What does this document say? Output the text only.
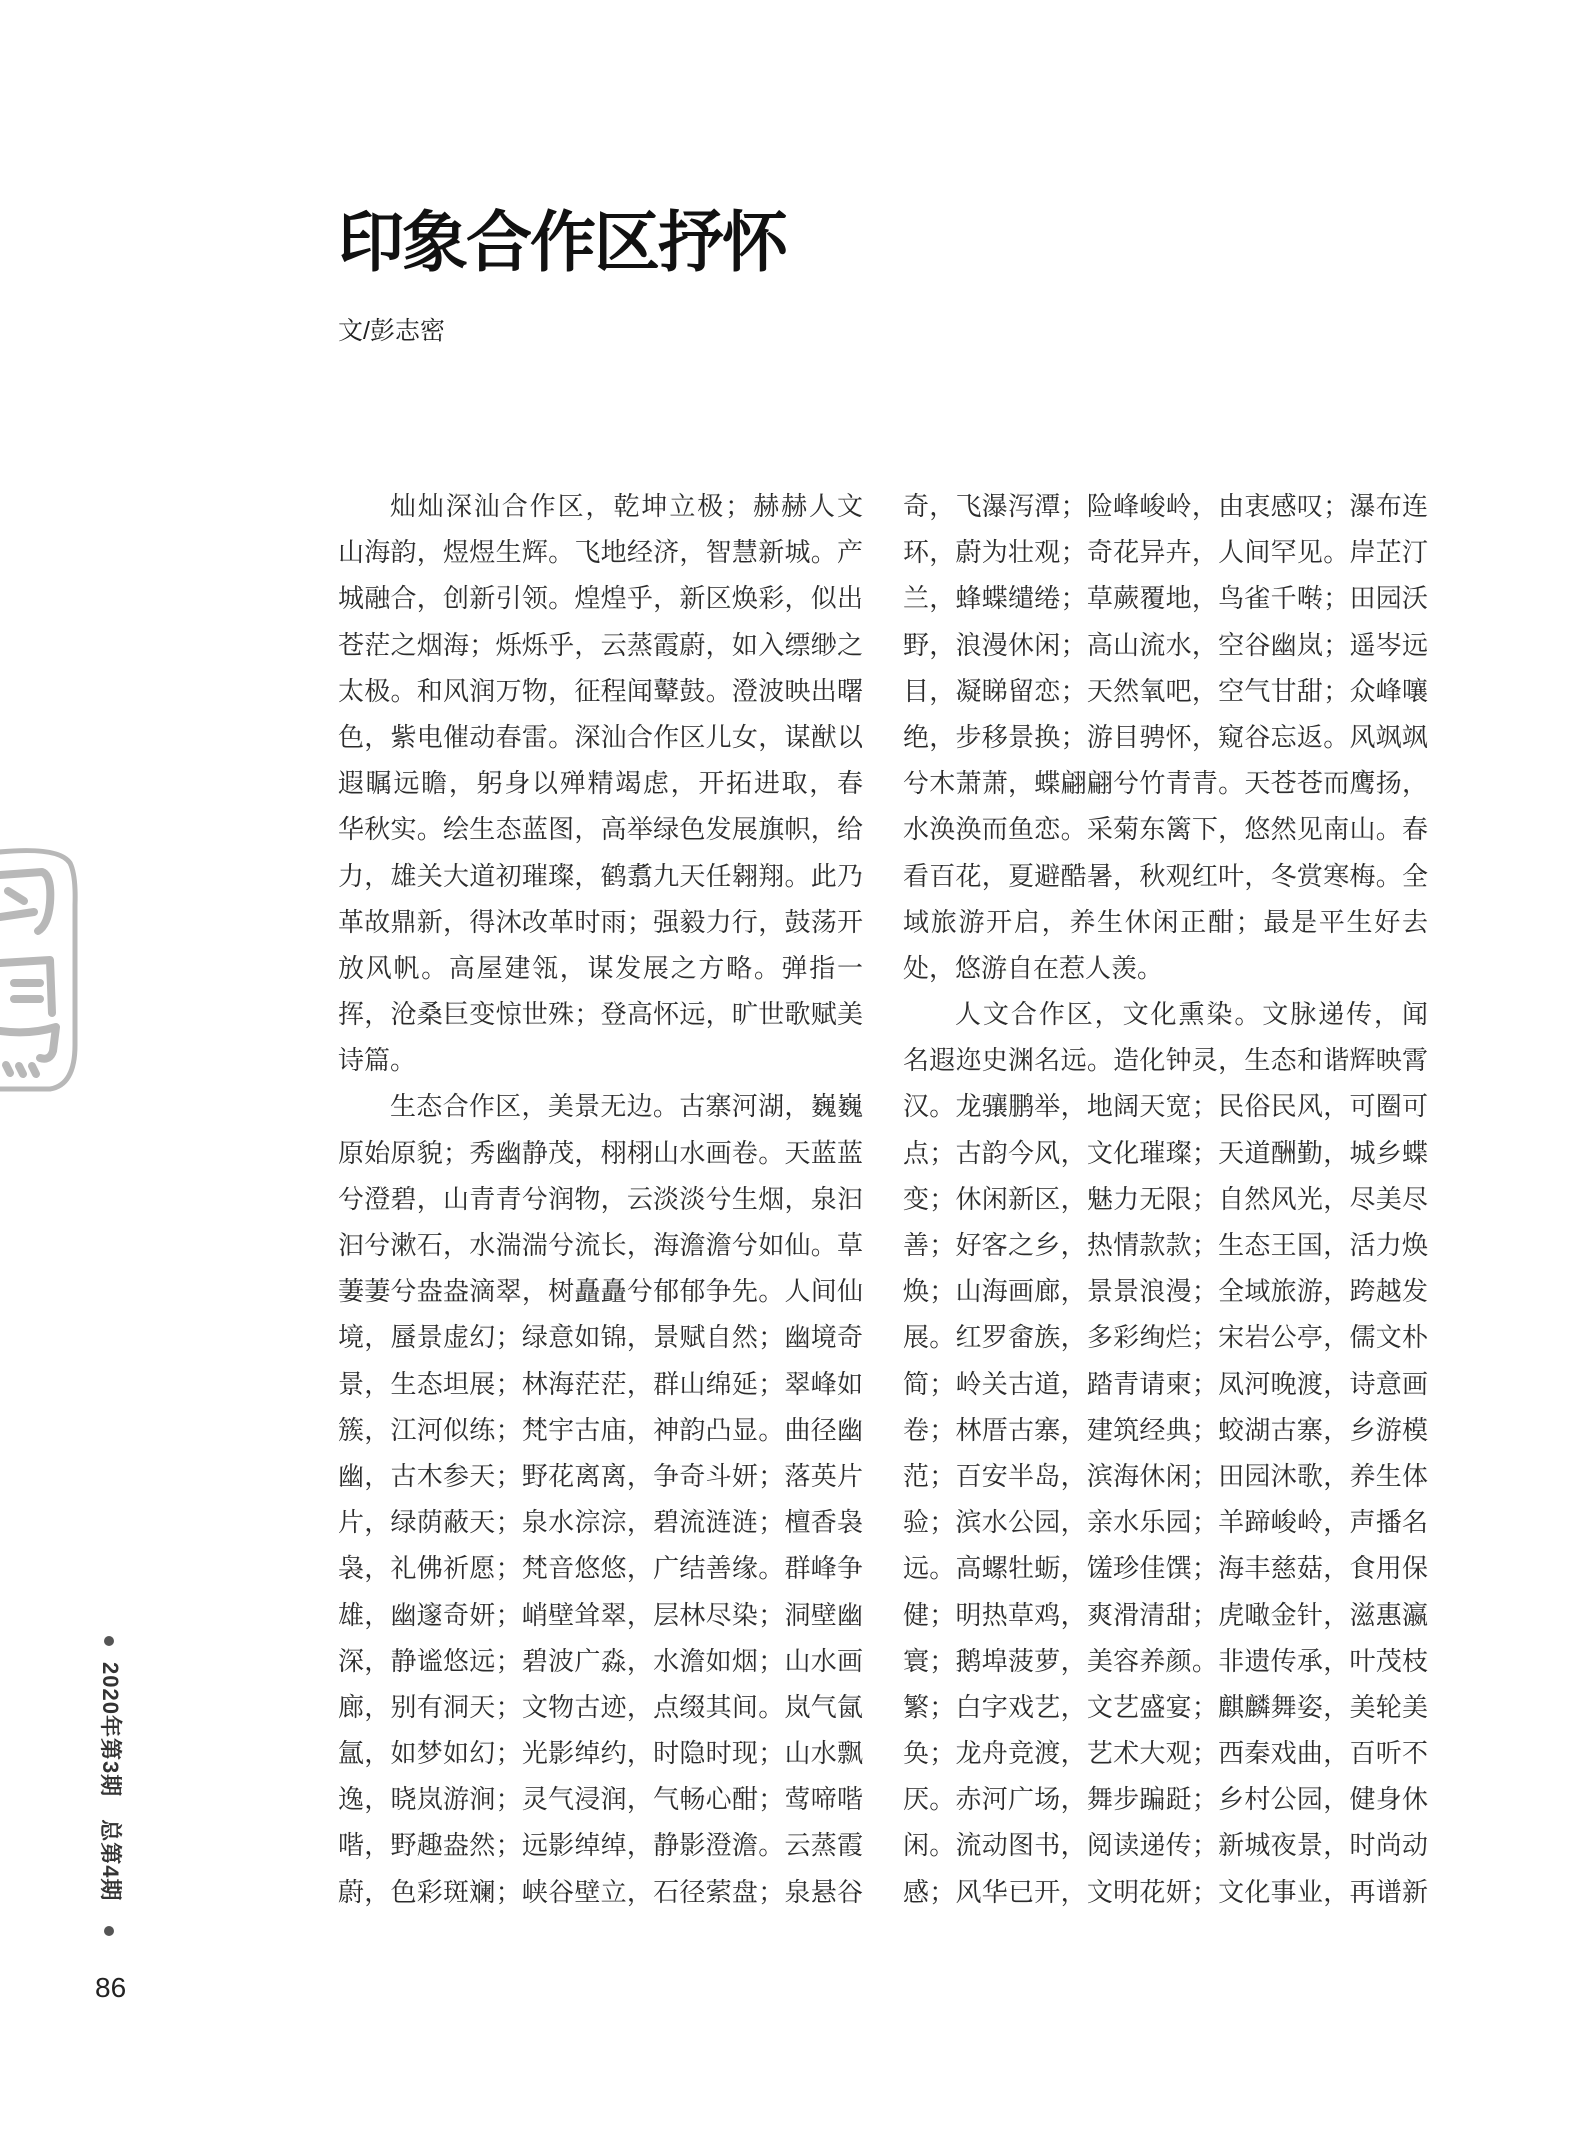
印象合作区抒怀
文/彭志密
灿灿深汕合作区，乾坤立极；赫赫人文
山海韵，煜煜生辉。飞地经济，智慧新城。产
城融合，创新引领。煌煌乎，新区焕彩，似出
苍茫之烟海；烁烁乎，云蒸霞蔚，如入缥缈之
太极。和风润万物，征程闻鼙鼓。澄波映出曙
色，紫电催动春雷。深汕合作区儿女，谋猷以
遐瞩远瞻，躬身以殚精竭虑，开拓进取，春
华秋实。绘生态蓝图，高举绿色发展旗帜，给
力，雄关大道初璀璨，鹤翥九天任翱翔。此乃
革故鼎新，得沐改革时雨；强毅力行，鼓荡开
放风帆。高屋建瓴，谋发展之方略。弹指一
挥，沧桑巨变惊世殊；登高怀远，旷世歌赋美
诗篇。
生态合作区，美景无边。古寨河湖，巍巍
原始原貌；秀幽静茂，栩栩山水画卷。天蓝蓝
兮澄碧，山青青兮润物，云淡淡兮生烟，泉汩
汩兮漱石，水湍湍兮流长，海澹澹兮如仙。草
萋萋兮盎盎滴翠，树矗矗兮郁郁争先。人间仙
境，蜃景虚幻；绿意如锦，景赋自然；幽境奇
景，生态坦展；林海茫茫，群山绵延；翠峰如
簇，江河似练；梵宇古庙，神韵凸显。曲径幽
幽，古木参天；野花离离，争奇斗妍；落英片
片，绿荫蔽天；泉水淙淙，碧流涟涟；檀香袅
袅，礼佛祈愿；梵音悠悠，广结善缘。群峰争
雄，幽邃奇妍；峭壁耸翠，层林尽染；洞壁幽
深，静谧悠远；碧波广淼，水澹如烟；山水画
廊，别有洞天；文物古迹，点缀其间。岚气氤
氲，如梦如幻；光影绰约，时隐时现；山水飘
逸，晓岚游涧；灵气浸润，气畅心酣；莺啼喈
喈，野趣盎然；远影绰绰，静影澄澹。云蒸霞
蔚，色彩斑斓；峡谷壁立，石径萦盘；泉悬谷
奇，飞瀑泻潭；险峰峻岭，由衷感叹；瀑布连
环，蔚为壮观；奇花异卉，人间罕见。岸芷汀
兰，蜂蝶缱绻；草蕨覆地，鸟雀千啭；田园沃
野，浪漫休闲；高山流水，空谷幽岚；遥岑远
目，凝睇留恋；天然氧吧，空气甘甜；众峰嚷
绝，步移景换；游目骋怀，窥谷忘返。风飒飒
兮木萧萧，蝶翩翩兮竹青青。天苍苍而鹰扬，
水涣涣而鱼恋。采菊东篱下，悠然见南山。春
看百花，夏避酷暑，秋观红叶，冬赏寒梅。全
域旅游开启，养生休闲正酣；最是平生好去
处，悠游自在惹人羡。
人文合作区，文化熏染。文脉递传，闻
名遐迩史渊名远。造化钟灵，生态和谐辉映霄
汉。龙骧鹏举，地阔天宽；民俗民风，可圈可
点；古韵今风，文化璀璨；天道酬勤，城乡蝶
变；休闲新区，魅力无限；自然风光，尽美尽
善；好客之乡，热情款款；生态王国，活力焕
焕；山海画廊，景景浪漫；全域旅游，跨越发
展。红罗畲族，多彩绚烂；宋岩公亭，儒文朴
简；岭关古道，踏青请柬；凤河晚渡，诗意画
卷；林厝古寨，建筑经典；蛟湖古寨，乡游模
范；百安半岛，滨海休闲；田园沐歌，养生体
验；滨水公园，亲水乐园；羊蹄峻岭，声播名
远。高螺牡蛎，馐珍佳馔；海丰慈菇，食用保
健；明热草鸡，爽滑清甜；虎噉金针，滋惠瀛
寰；鹅埠菠萝，美容养颜。非遗传承，叶茂枝
繁；白字戏艺，文艺盛宴；麒麟舞姿，美轮美
奂；龙舟竞渡，艺术大观；西秦戏曲，百听不
厌。赤河广场，舞步蹁跹；乡村公园，健身休
闲。流动图书，阅读递传；新城夜景，时尚动
感；风华已开，文明花妍；文化事业，再谱新
2020年第3期总第4期
86
